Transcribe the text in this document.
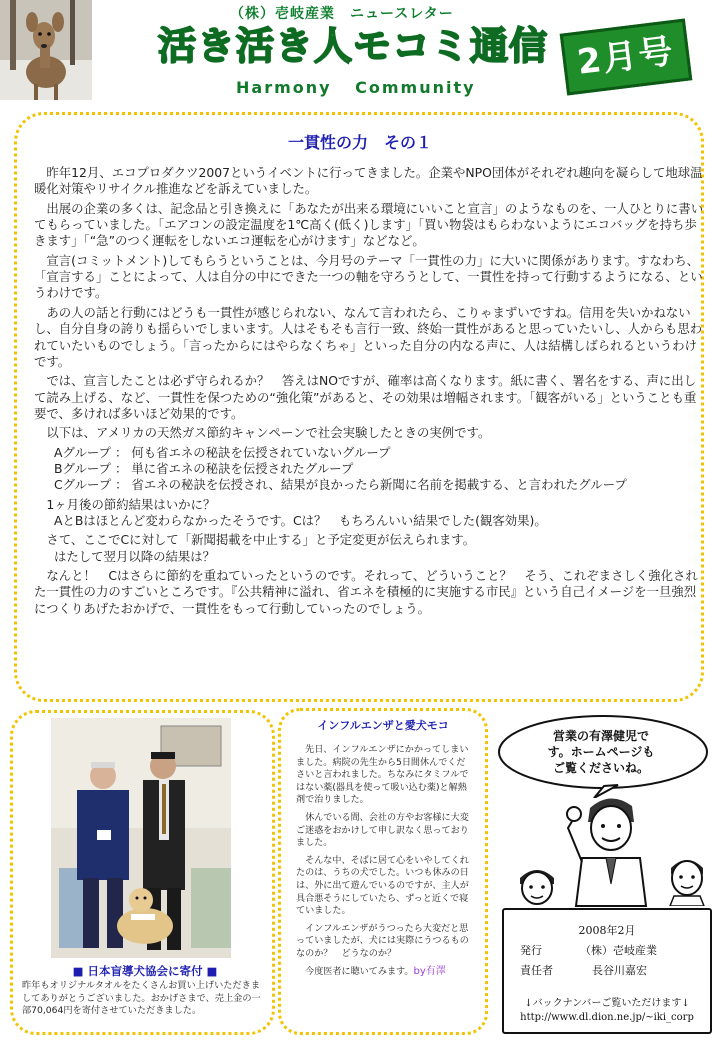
（株）壱岐産業　ニュースレター
活き活き人モコミ通信
Harmony Community
2月号
一貫性の力　その１

昨年12月、エコプロダクツ2007というイベントに行ってきました。企業やNPO団体がそれぞれ趣向を凝らして地球温暖化対策やリサイクル推進などを訴えていました。

出展の企業の多くは、記念品と引き換えに「あなたが出来る環境にいいこと宣言」のようなものを、一人ひとりに書いてもらっていました。「エアコンの設定温度を1℃高く(低く)します」「買い物袋はもらわないようにエコバッグを持ち歩きます」「“急”のつく運転をしないエコ運転を心がけます」などなど。

宣言(コミットメント)してもらうということは、今月号のテーマ「一貫性の力」に大いに関係があります。すなわち、「宣言する」ことによって、人は自分の中にできた一つの軸を守ろうとして、一貫性を持って行動するようになる、というわけです。

あの人の話と行動にはどうも一貫性が感じられない、なんて言われたら、こりゃまずいですね。信用を失いかねないし、自分自身の誇りも揺らいでしまいます。人はそもそも言行一致、終始一貫性があると思っていたいし、人からも思われていたいものでしょう。「言ったからにはやらなくちゃ」といった自分の内なる声に、人は結構しばられるというわけです。

では、宣言したことは必ず守られるか？　答えはNOですが、確率は高くなります。紙に書く、署名をする、声に出して読み上げる、など、一貫性を保つための“強化策”があると、その効果は増幅されます。「観客がいる」ということも重要で、多ければ多いほど効果的です。

以下は、アメリカの天然ガス節約キャンペーンで社会実験したときの実例です。

Aグループ ： 何も省エネの秘訣を伝授されていないグループ

Bグループ ： 単に省エネの秘訣を伝授されたグループ

Cグループ ： 省エネの秘訣を伝授され、結果が良かったら新聞に名前を掲載する、と言われたグループ

1ヶ月後の節約結果はいかに？

AとBはほとんど変わらなかったそうです。Cは？　もちろんいい結果でした(観客効果)。

さて、ここでCに対して「新聞掲載を中止する」と予定変更が伝えられます。

はたして翌月以降の結果は？

なんと！　Cはさらに節約を重ねていったというのです。それって、どういうこと？　そう、これぞまさしく強化された一貫性の力のすごいところです。『公共精神に溢れ、省エネを積極的に実施する市民』という自己イメージを一旦強烈につくりあげたおかげで、一貫性をもって行動していったのでしょう。

■ 日本盲導犬協会に寄付 ■
昨年もオリジナルタオルをたくさんお買い上げいただきましてありがとうございました。おかげさまで、売上金の一部70,064円を寄付させていただきました。
インフルエンザと愛犬モコ

先日、インフルエンザにかかってしまいました。病院の先生から5日間休んでくださいと言われました。ちなみにタミフルではない薬(器具を使って吸い込む薬)と解熱剤で治りました。

休んでいる間、会社の方やお客様に大変ご迷惑をおかけして申し訳なく思っておりました。

そんな中、そばに居て心をいやしてくれたのは、うちの犬でした。いつも休みの日は、外に出て遊んでいるのですが、主人が具合悪そうにしていたら、ずっと近くで寝ていました。

インフルエンザがうつったら大変だと思っていましたが、犬には実際にうつるものなのか？　どうなのか？

今度医者に聴いてみます。by有澤

営業の有澤健児で
す。ホームページも
ご覧くださいね。
2008年2月
発行	（株）壱岐産業
責任者	長谷川嘉宏
↓バックナンバーご覧いただけます↓
http://www.dl.dion.ne.jp/~iki_corp
